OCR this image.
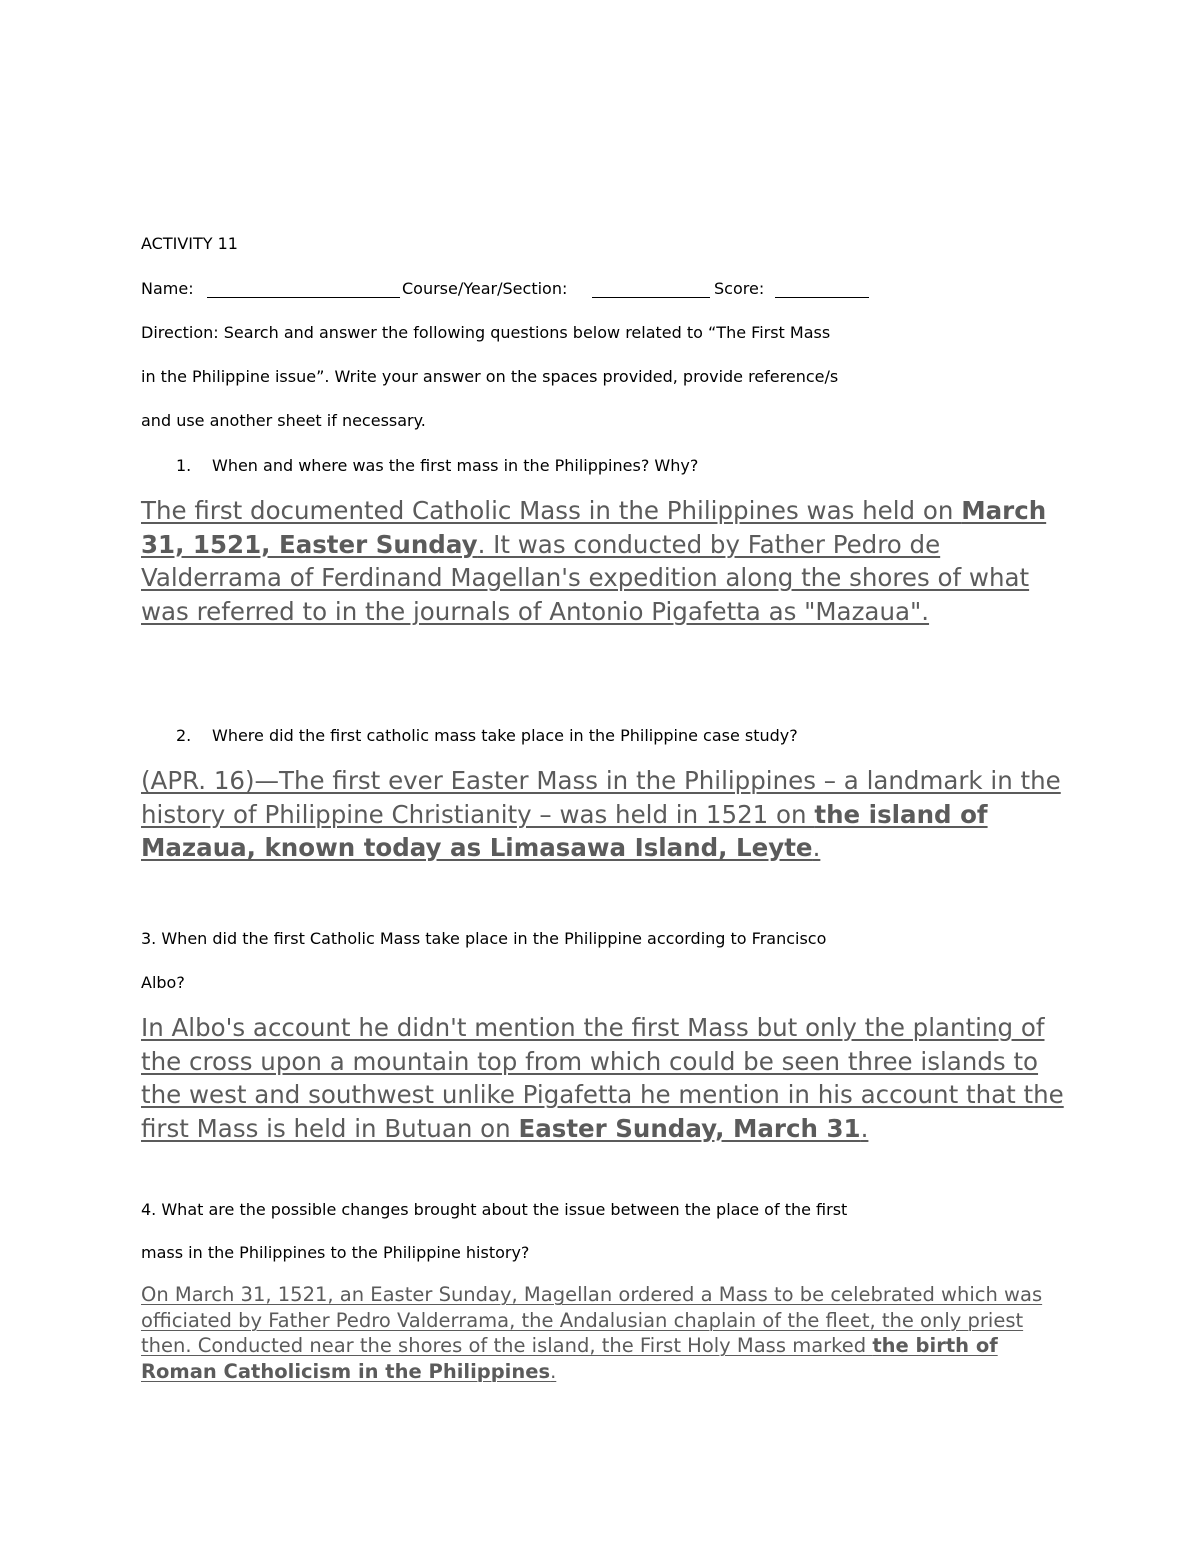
ACTIVITY 11

Name:	Course/Year/Section:	Score:

Direction: Search and answer the following questions below related to “The First Mass

in the Philippine issue”. Write your answer on the spaces provided, provide reference/s

and use another sheet if necessary.

1. When and where was the first mass in the Philippines? Why?

The first documented Catholic Mass in the Philippines was held on March 31, 1521, Easter Sunday. It was conducted by Father Pedro de Valderrama of Ferdinand Magellan's expedition along the shores of what was referred to in the journals of Antonio Pigafetta as "Mazaua".

2. Where did the first catholic mass take place in the Philippine case study?

(APR. 16)—The first ever Easter Mass in the Philippines – a landmark in the history of Philippine Christianity – was held in 1521 on the island of Mazaua, known today as Limasawa Island, Leyte.

3. When did the first Catholic Mass take place in the Philippine according to Francisco

Albo?

In Albo's account he didn't mention the first Mass but only the planting of the cross upon a mountain top from which could be seen three islands to the west and southwest unlike Pigafetta he mention in his account that the first Mass is held in Butuan on Easter Sunday, March 31.

4. What are the possible changes brought about the issue between the place of the first

mass in the Philippines to the Philippine history?

On March 31, 1521, an Easter Sunday, Magellan ordered a Mass to be celebrated which was officiated by Father Pedro Valderrama, the Andalusian chaplain of the fleet, the only priest then. Conducted near the shores of the island, the First Holy Mass marked the birth of Roman Catholicism in the Philippines.
